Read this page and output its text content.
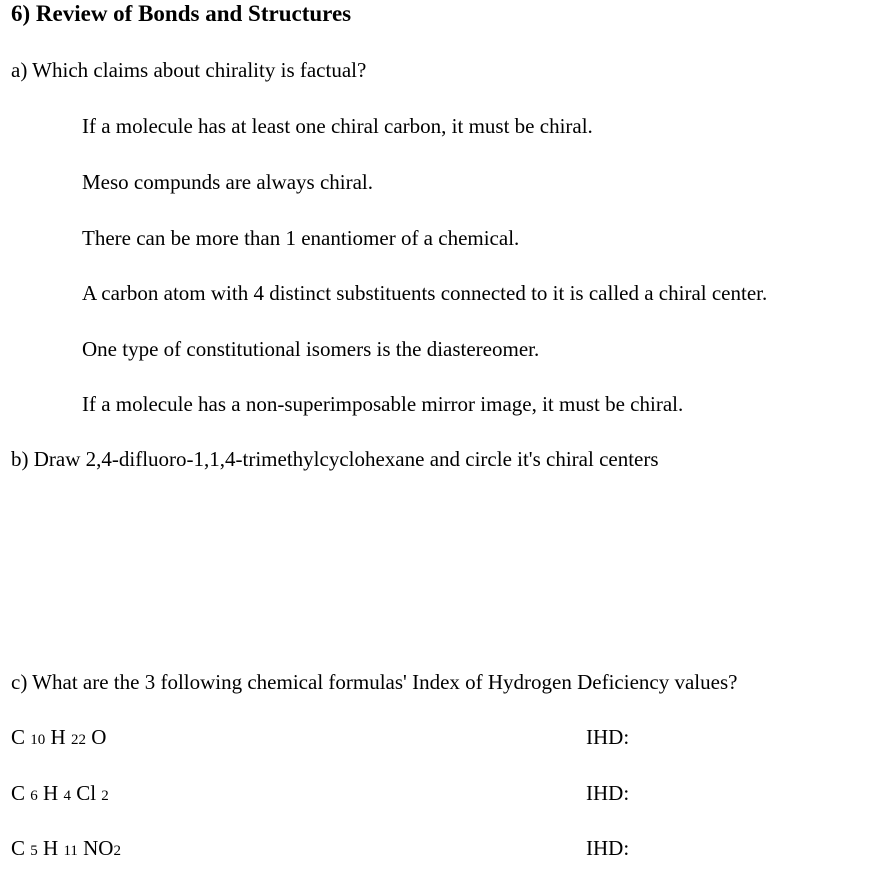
6) Review of Bonds and Structures
a) Which claims about chirality is factual?
If a molecule has at least one chiral carbon, it must be chiral.
Meso compunds are always chiral.
There can be more than 1 enantiomer of a chemical.
A carbon atom with 4 distinct substituents connected to it is called a chiral center.
One type of constitutional isomers is the diastereomer.
If a molecule has a non-superimposable mirror image, it must be chiral.
b) Draw 2,4-difluoro-1,1,4-trimethylcyclohexane and circle it's chiral centers
c) What are the 3 following chemical formulas' Index of Hydrogen Deficiency values?
C 10 H 22 O	IHD:
C 6 H 4 Cl 2	IHD:
C 5 H 11 NO2	IHD:
